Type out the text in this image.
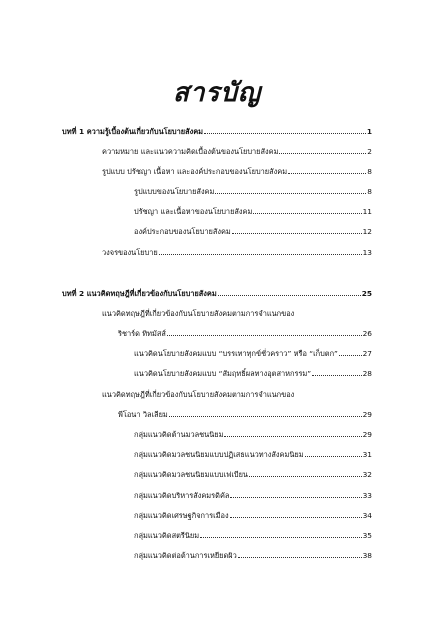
สารบัญ
บทที่ 1 ความรู้เบื้องต้นเกี่ยวกับนโยบายสังคม	1
ความหมาย และแนวความคิดเบื้องต้นของนโยบายสังคม	2
รูปแบบ ปรัชญา เนื้อหา และองค์ประกอบของนโยบายสังคม	8
รูปแบบของนโยบายสังคม	8
ปรัชญา และเนื้อหาของนโยบายสังคม	11
องค์ประกอบของนโยบายสังคม	12
วงจรของนโยบาย	13
บทที่ 2 แนวคิดทฤษฎีที่เกี่ยวข้องกับนโยบายสังคม	25
แนวคิดทฤษฎีที่เกี่ยวข้องกับนโยบายสังคมตามการจำแนกของ
ริชาร์ด ทิทมัสส์	26
แนวคิดนโยบายสังคมแบบ “บรรเทาทุกข์ชั่วคราว” หรือ “เก็บตก”	27
แนวคิดนโยบายสังคมแบบ “สัมฤทธิ์ผลทางอุตสาหกรรม”	28
แนวคิดทฤษฎีที่เกี่ยวข้องกับนโยบายสังคมตามการจำแนกของ
พีโอนา วิลเลียม	29
กลุ่มแนวคิดต้านมวลชนนิยม	29
กลุ่มแนวคิดมวลชนนิยมแบบปฏิเสธแนวทางสังคมนิยม	31
กลุ่มแนวคิดมวลชนนิยมแบบเฟเบียน	32
กลุ่มแนวคิดบริหารสังคมรดิคัล	33
กลุ่มแนวคิดเศรษฐกิจการเมือง	34
กลุ่มแนวคิดสตรีนิยม	35
กลุ่มแนวคิดต่อต้านการเหยียดผิว	38
